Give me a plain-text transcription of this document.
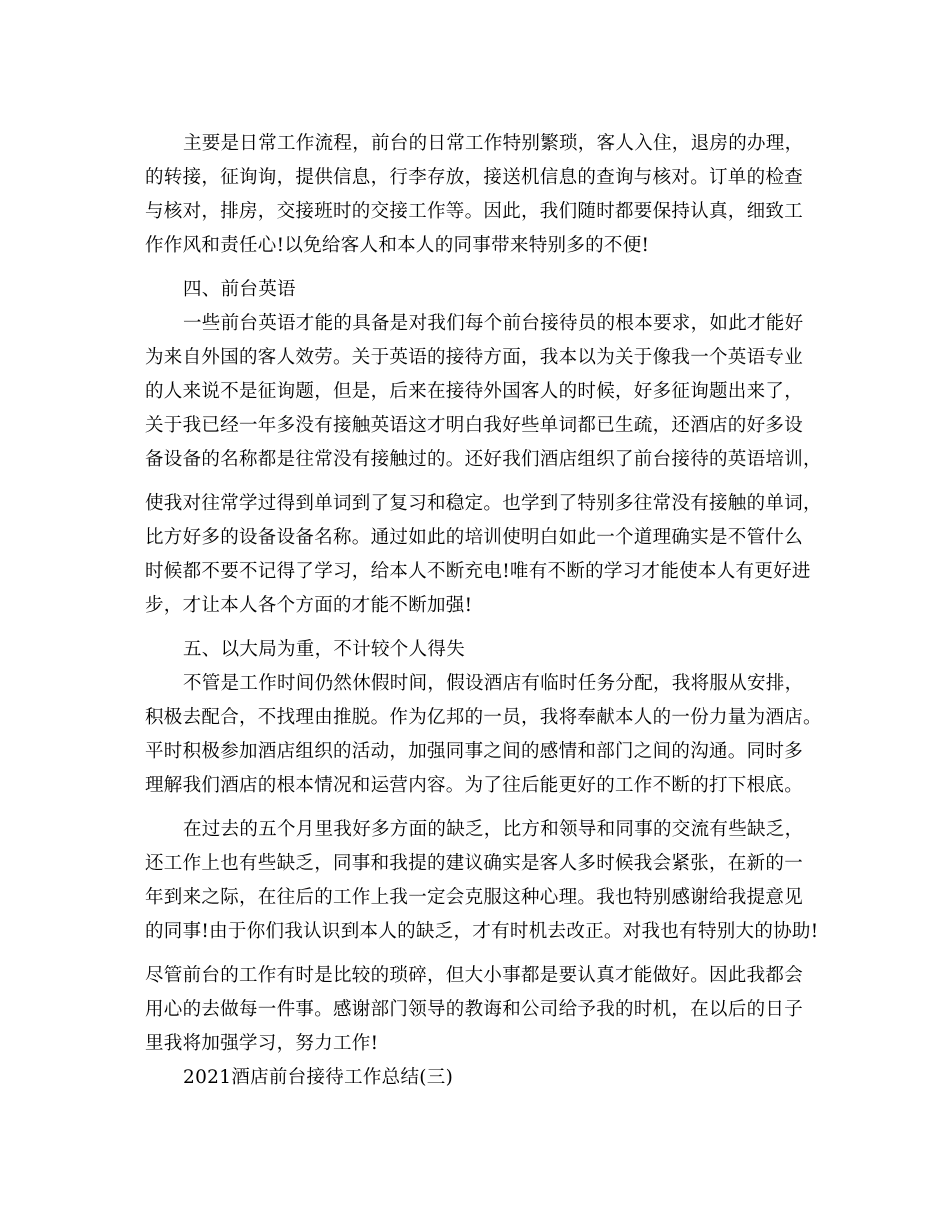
主要是日常工作流程，前台的日常工作特别繁琐，客人入住，退房的办理，
的转接，征询询，提供信息，行李存放，接送机信息的查询与核对。订单的检查
与核对，排房，交接班时的交接工作等。因此，我们随时都要保持认真，细致工
作作风和责任心!以免给客人和本人的同事带来特别多的不便!
四、前台英语
一些前台英语才能的具备是对我们每个前台接待员的根本要求，如此才能好
为来自外国的客人效劳。关于英语的接待方面，我本以为关于像我一个英语专业
的人来说不是征询题，但是，后来在接待外国客人的时候，好多征询题出来了，
关于我已经一年多没有接触英语这才明白我好些单词都已生疏，还酒店的好多设
备设备的名称都是往常没有接触过的。还好我们酒店组织了前台接待的英语培训，
使我对往常学过得到单词到了复习和稳定。也学到了特别多往常没有接触的单词，
比方好多的设备设备名称。通过如此的培训使明白如此一个道理确实是不管什么
时候都不要不记得了学习，给本人不断充电!唯有不断的学习才能使本人有更好进
步，才让本人各个方面的才能不断加强!
五、以大局为重，不计较个人得失
不管是工作时间仍然休假时间，假设酒店有临时任务分配，我将服从安排，
积极去配合，不找理由推脱。作为亿邦的一员，我将奉献本人的一份力量为酒店。
平时积极参加酒店组织的活动，加强同事之间的感情和部门之间的沟通。同时多
理解我们酒店的根本情况和运营内容。为了往后能更好的工作不断的打下根底。
在过去的五个月里我好多方面的缺乏，比方和领导和同事的交流有些缺乏，
还工作上也有些缺乏，同事和我提的建议确实是客人多时候我会紧张，在新的一
年到来之际，在往后的工作上我一定会克服这种心理。我也特别感谢给我提意见
的同事!由于你们我认识到本人的缺乏，才有时机去改正。对我也有特别大的协助!
尽管前台的工作有时是比较的琐碎，但大小事都是要认真才能做好。因此我都会
用心的去做每一件事。感谢部门领导的教诲和公司给予我的时机，在以后的日子
里我将加强学习，努力工作!
2021酒店前台接待工作总结(三)
